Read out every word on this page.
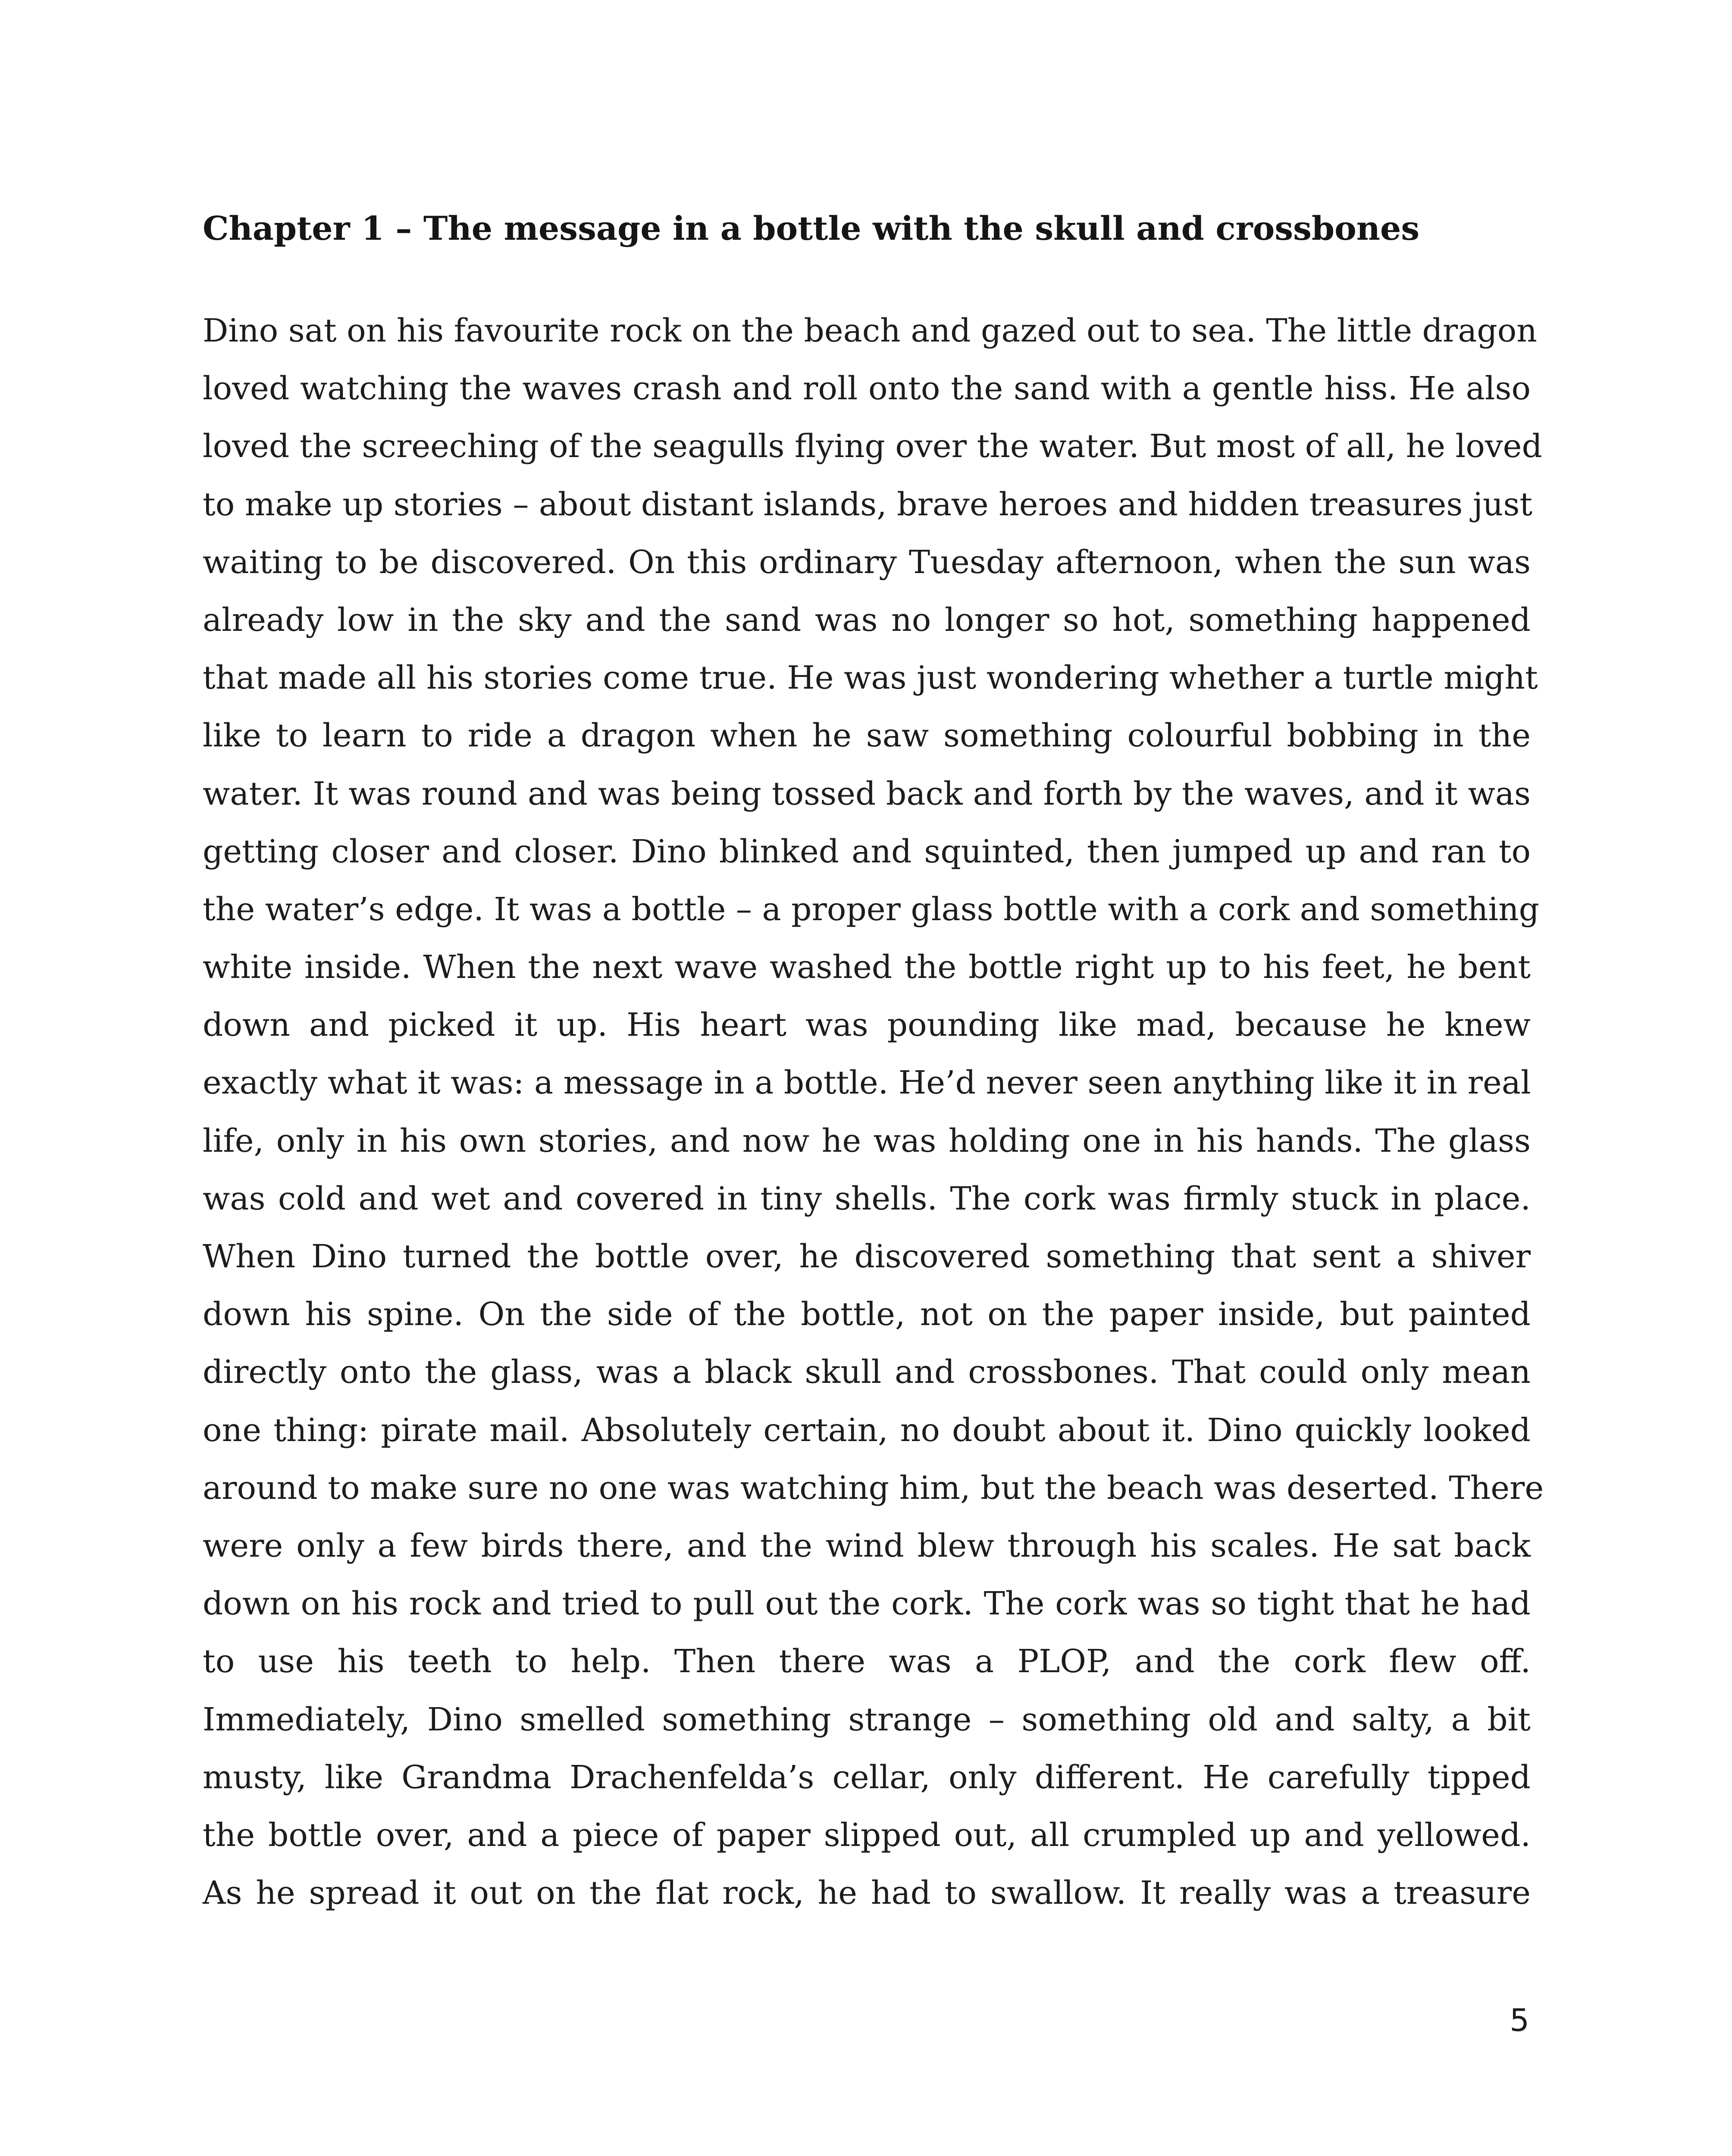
Chapter 1 – The message in a bottle with the skull and crossbones
Dino sat on his favourite rock on the beach and gazed out to sea. The little dragon
loved watching the waves crash and roll onto the sand with a gentle hiss. He also
loved the screeching of the seagulls flying over the water. But most of all, he loved
to make up stories – about distant islands, brave heroes and hidden treasures just
waiting to be discovered. On this ordinary Tuesday afternoon, when the sun was
already low in the sky and the sand was no longer so hot, something happened
that made all his stories come true. He was just wondering whether a turtle might
like to learn to ride a dragon when he saw something colourful bobbing in the
water. It was round and was being tossed back and forth by the waves, and it was
getting closer and closer. Dino blinked and squinted, then jumped up and ran to
the water’s edge. It was a bottle – a proper glass bottle with a cork and something
white inside. When the next wave washed the bottle right up to his feet, he bent
down and picked it up. His heart was pounding like mad, because he knew
exactly what it was: a message in a bottle. He’d never seen anything like it in real
life, only in his own stories, and now he was holding one in his hands. The glass
was cold and wet and covered in tiny shells. The cork was firmly stuck in place.
When Dino turned the bottle over, he discovered something that sent a shiver
down his spine. On the side of the bottle, not on the paper inside, but painted
directly onto the glass, was a black skull and crossbones. That could only mean
one thing: pirate mail. Absolutely certain, no doubt about it. Dino quickly looked
around to make sure no one was watching him, but the beach was deserted. There
were only a few birds there, and the wind blew through his scales. He sat back
down on his rock and tried to pull out the cork. The cork was so tight that he had
to use his teeth to help. Then there was a PLOP, and the cork flew off.
Immediately, Dino smelled something strange – something old and salty, a bit
musty, like Grandma Drachenfelda’s cellar, only different. He carefully tipped
the bottle over, and a piece of paper slipped out, all crumpled up and yellowed.
As he spread it out on the flat rock, he had to swallow. It really was a treasure
5
